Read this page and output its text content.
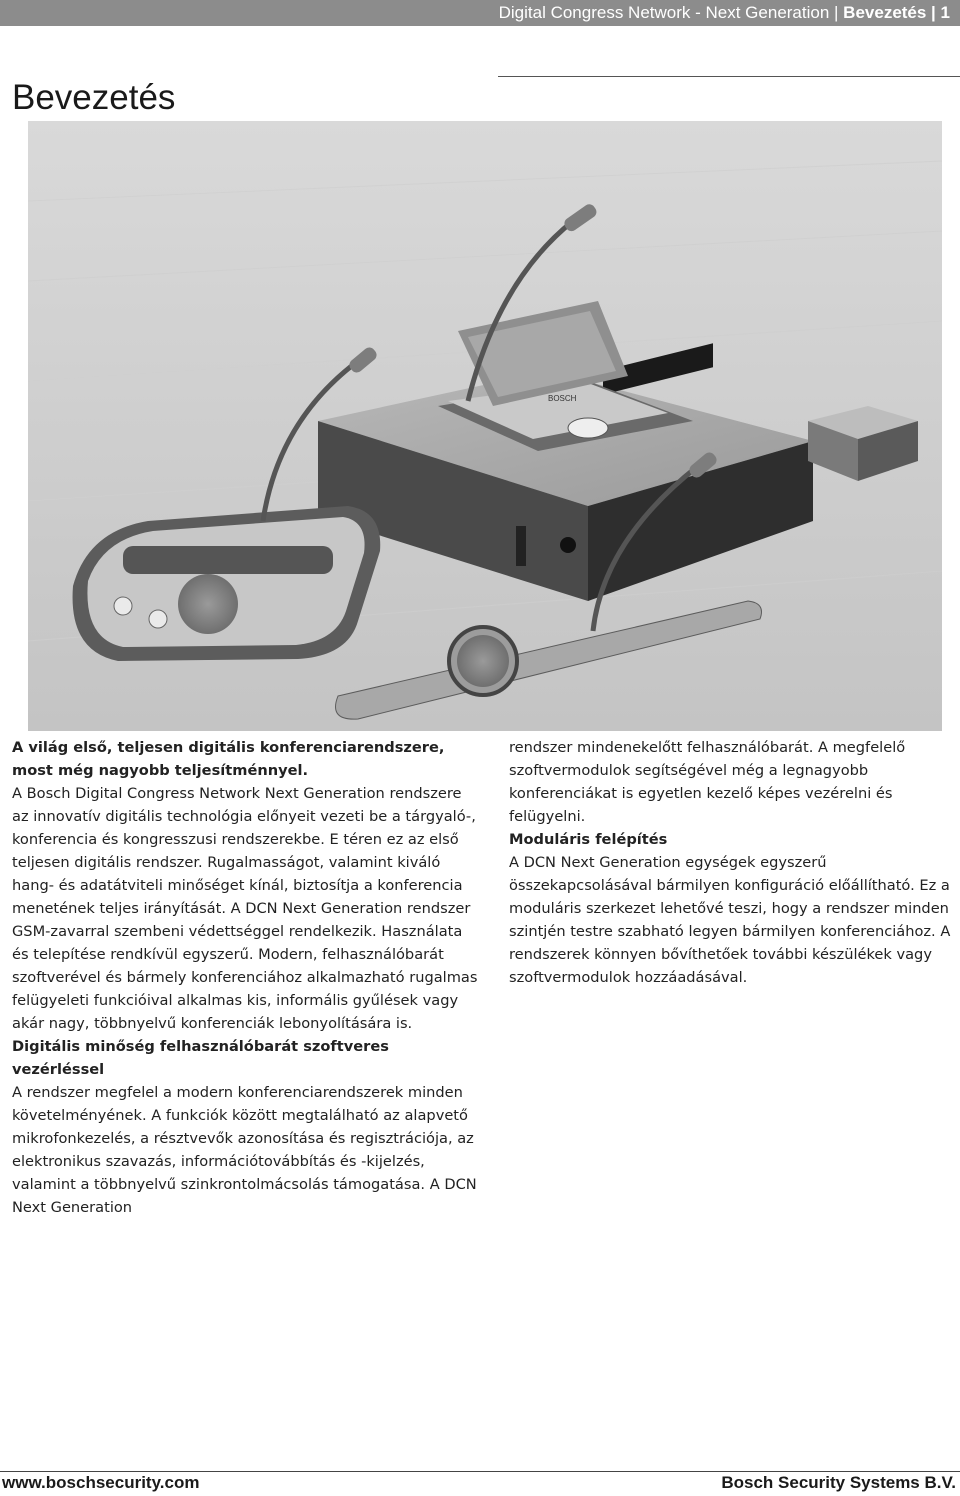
Digital Congress Network - Next Generation |
Bevezetés | 1
Bevezetés
BOSCH
A világ első, teljesen digitális konferenciarendszere, most még nagyobb teljesítménnyel.

A Bosch Digital Congress Network Next Generation rendszere az innovatív digitális technológia előnyeit vezeti be a tárgyaló-, konferencia és kongresszusi rendszerekbe. E téren ez az első teljesen digitális rendszer. Rugalmasságot, valamint kiváló hang- és adatátviteli minőséget kínál, biztosítja a konferencia menetének teljes irányítását. A DCN Next Generation rendszer GSM-zavarral szembeni védettséggel rendelkezik. Használata és telepítése rendkívül egyszerű. Modern, felhasználóbarát szoftverével és bármely konferenciához alkalmazható rugalmas felügyeleti funkcióival alkalmas kis, informális gyűlések vagy akár nagy, többnyelvű konferenciák lebonyolítására is.

Digitális minőség felhasználóbarát szoftveres vezérléssel

A rendszer megfelel a modern konferenciarendszerek minden követelményének. A funkciók között megtalálható az alapvető mikrofonkezelés, a résztvevők azonosítása és regisztrációja, az elektronikus szavazás, információtovábbítás és -kijelzés, valamint a többnyelvű szinkrontolmácsolás támogatása. A DCN Next Generation

rendszer mindenekelőtt felhasználóbarát. A megfelelő szoftvermodulok segítségével még a legnagyobb konferenciákat is egyetlen kezelő képes vezérelni és felügyelni.

Moduláris felépítés

A DCN Next Generation egységek egyszerű összekapcsolásával bármilyen konfiguráció előállítható. Ez a moduláris szerkezet lehetővé teszi, hogy a rendszer minden szintjén testre szabható legyen bármilyen konferenciához. A rendszerek könnyen bővíthetőek további készülékek vagy szoftvermodulok hozzáadásával.

www.boschsecurity.com	Bosch Security Systems B.V.
